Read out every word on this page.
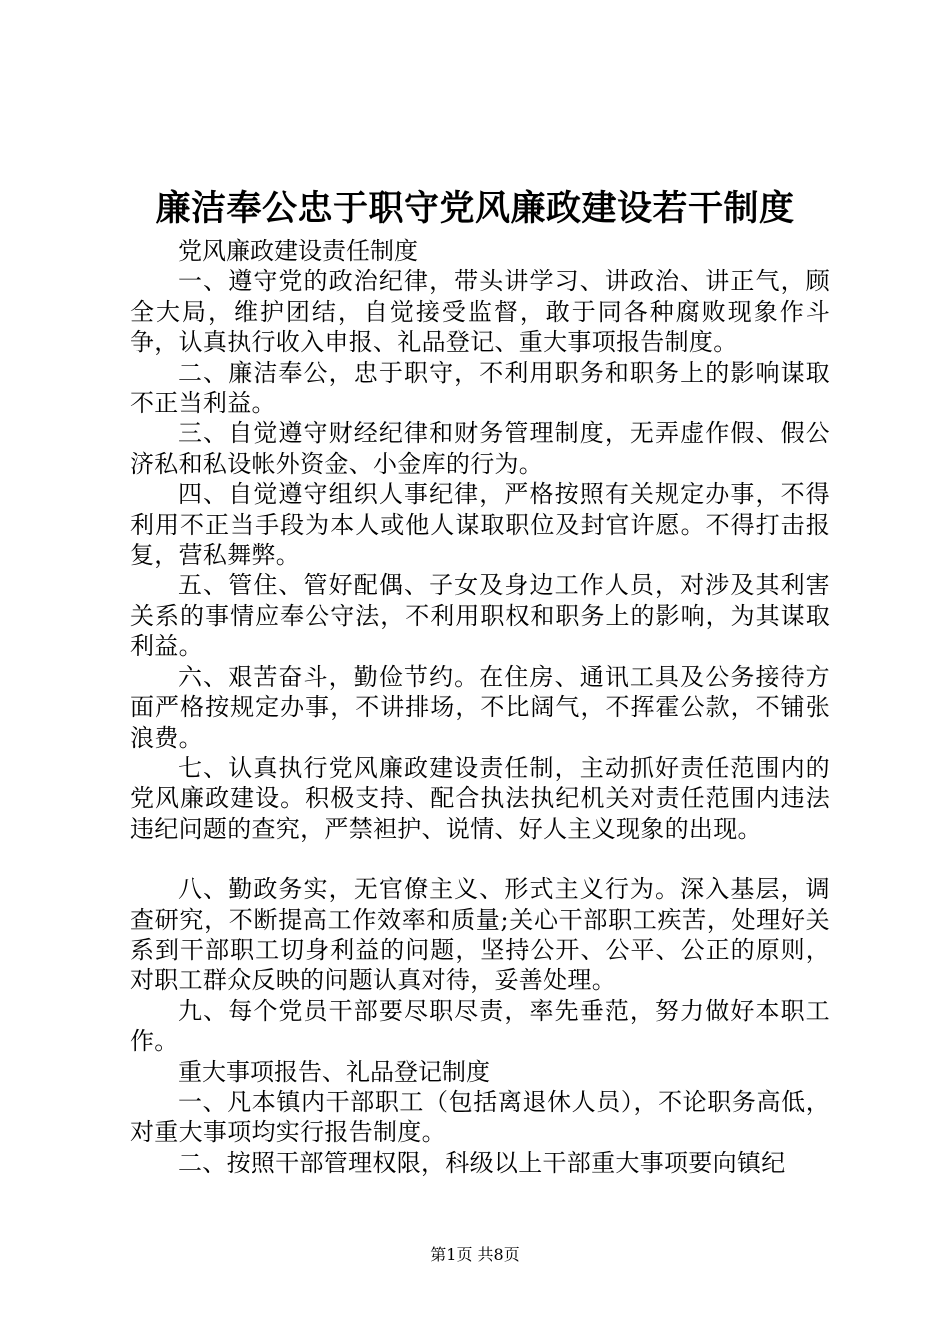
廉洁奉公忠于职守党风廉政建设若干制度

党风廉政建设责任制度

一、遵守党的政治纪律，带头讲学习、讲政治、讲正气，顾全大局，维护团结，自觉接受监督，敢于同各种腐败现象作斗争，认真执行收入申报、礼品登记、重大事项报告制度。

二、廉洁奉公，忠于职守，不利用职务和职务上的影响谋取不正当利益。

三、自觉遵守财经纪律和财务管理制度，无弄虚作假、假公济私和私设帐外资金、小金库的行为。

四、自觉遵守组织人事纪律，严格按照有关规定办事，不得利用不正当手段为本人或他人谋取职位及封官许愿。不得打击报复，营私舞弊。

五、管住、管好配偶、子女及身边工作人员，对涉及其利害关系的事情应奉公守法，不利用职权和职务上的影响，为其谋取利益。

六、艰苦奋斗，勤俭节约。在住房、通讯工具及公务接待方面严格按规定办事，不讲排场，不比阔气，不挥霍公款，不铺张浪费。

七、认真执行党风廉政建设责任制，主动抓好责任范围内的党风廉政建设。积极支持、配合执法执纪机关对责任范围内违法违纪问题的查究，严禁袒护、说情、好人主义现象的出现。

八、勤政务实，无官僚主义、形式主义行为。深入基层，调查研究，不断提高工作效率和质量;关心干部职工疾苦，处理好关系到干部职工切身利益的问题，坚持公开、公平、公正的原则，对职工群众反映的问题认真对待，妥善处理。

九、每个党员干部要尽职尽责，率先垂范，努力做好本职工作。

重大事项报告、礼品登记制度

一、凡本镇内干部职工（包括离退休人员），不论职务高低，对重大事项均实行报告制度。

二、按照干部管理权限，科级以上干部重大事项要向镇纪

第1页 共8页
